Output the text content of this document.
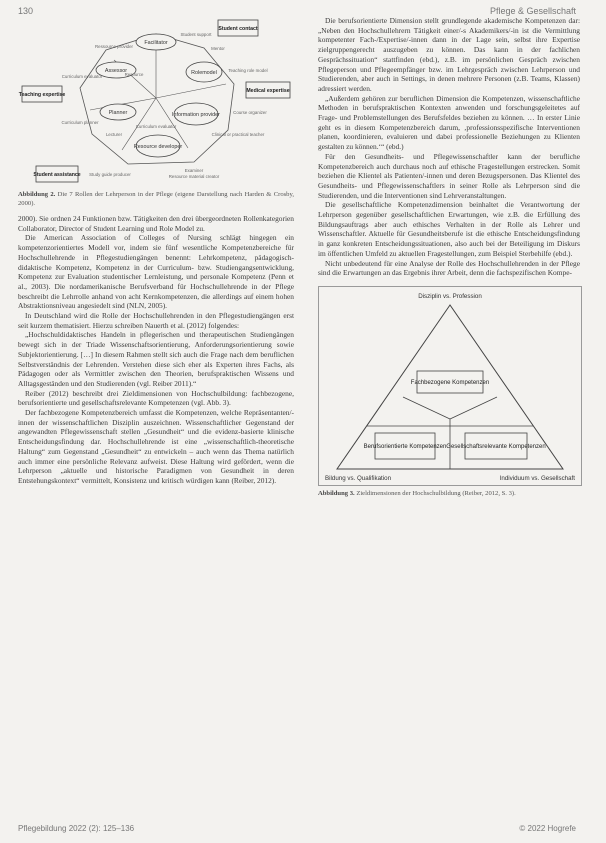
130	Pflege & Gesellschaft
Facilitator
Rolemodel
Planner	Information provider
Resource developer
Assessor
Student contact
Teaching expertise
Medical expertise
Student assistance
Resource
Student support
Ressource provider	Mentor
Teaching role model
Course organizer
Curriculum evaluator
Curriculum planner
Lecturer	Clinical or practical teacher
Curriculum evaluator
Study guide producer
Examiner
Resource material creator
Abbildung 2. Die 7 Rollen der Lehrperson in der Pflege (eigene Darstellung nach Harden & Crosby, 2000).

2000). Sie ordnen 24 Funktionen bzw. Tätigkeiten den drei übergeordneten Rollenkategorien Collaborator, Director of Student Learning und Role Model zu.

Die American Association of Colleges of Nursing schlägt hingegen ein kompetenzorientiertes Modell vor, indem sie fünf wesentliche Kompetenzbereiche für Hochschullehrende in Pflegestudiengängen benennt: Lehrkompetenz, pädagogisch-didaktische Kompetenz, Kompetenz in der Curriculum- bzw. Studiengangsentwicklung, Kompetenz zur Evaluation studentischer Lernleistung, und personale Kompetenz (Penn et al., 2003). Die nordamerikanische Berufsverband für Hochschullehrende in der Pflege beschreibt die Lehrrolle anhand von acht Kernkompetenzen, die allerdings auf einem hohen Abstraktionsniveau angesiedelt sind (NLN, 2005).

In Deutschland wird die Rolle der Hochschullehrenden in den Pflegestudiengängen erst seit kurzem thematisiert. Hierzu schreiben Nauerth et al. (2012) folgendes:

„Hochschuldidaktisches Handeln in pflegerischen und therapeutischen Studiengängen bewegt sich in der Triade Wissenschaftsorientierung, Anforderungsorientierung sowie Subjektorientierung. […] In diesem Rahmen stellt sich auch die Frage nach dem beruflichen Selbstverständnis der Lehrenden. Verstehen diese sich eher als Experten ihres Fachs, als Pädagogen oder als Vermittler zwischen den Theorien, berufspraktischen Wissens und Alltagsgeständen und den Studierenden (vgl. Reiber 2011).“

Reiber (2012) beschreibt drei Zieldimensionen von Hochschulbildung: fachbezogene, berufsorientierte und gesellschaftsrelevante Kompetenzen (vgl. Abb. 3).

Der fachbezogene Kompetenzbereich umfasst die Kompetenzen, welche Repräsentanten/-innen der wissenschaftlichen Disziplin auszeichnen. Wissenschaftlicher Gegenstand der angewandten Pflegewissenschaft stellen „Gesundheit“ und die evidenz-basierte klinische Entscheidungsfindung dar. Hochschullehrende ist eine „wissenschaftlich-theoretische Haltung“ zum Gegenstand „Gesundheit“ zu entwickeln – auch wenn das Thema natürlich auch immer eine persönliche Relevanz aufweist. Diese Haltung wird gefördert, wenn die Lehrperson „aktuelle und historische Paradigmen von Gesundheit in deren Entstehungskontext“ vermittelt, Konsistenz und kritisch würdigen kann (Reiber, 2012).

Die berufsorientierte Dimension stellt grundlegende akademische Kompetenzen dar: „Neben den Hochschullehrern Tätigkeit einer/-s Akademikers/-in ist die Vermittlung kompetenter Fach-/Expertise/-innen dann in der Lage sein, selbst ihre Expertise zielgruppengerecht auszugeben zu können. Das kann in der fachlichen Gesprächssituation“ stattfinden (ebd.), z.B. im persönlichen Gespräch zwischen Pflegeperson und Pflegeempfänger bzw. im Lehrgespräch zwischen Lehrperson und Studierenden, aber auch in Settings, in denen mehrere Personen (z.B. Teams, Klassen) adressiert werden.

„Außerdem gehören zur beruflichen Dimension die Kompetenzen, wissenschaftliche Methoden in berufspraktischen Kontexten anwenden und forschungsgeleitetes auf Frage- und Problemstellungen des Berufsfeldes beziehen zu können. … In erster Linie geht es in diesem Kompetenzbereich darum, ‚professionsspezifische Interventionen planen, koordinieren, evaluieren und dabei professionelle Beziehungen zu Klienten gestalten zu können.‘“ (ebd.)

Für den Gesundheits- und Pflegewissenschaftler kann der berufliche Kompetenzbereich auch durchaus noch auf ethische Fragestellungen erstrecken. Somit beziehen die Klientel als Patienten/-innen und deren Bezugspersonen. Das Klientel des Gesundheits- und Pflegewissenschaftlers in seiner Rolle als Lehrperson sind die Studierenden, und die Interventionen sind Lehrveranstaltungen.

Die gesellschaftliche Kompetenzdimension beinhaltet die Verantwortung der Lehrperson gegenüber gesellschaftlichen Erwartungen, wie z.B. die Erfüllung des Bildungsauftrags aber auch ethisches Verhalten in der Rolle als Lehrer und Wissenschaftler. Aktuelle für Gesundheitsberufe ist die ethische Entscheidungsfindung in ganz konkreten Entscheidungssituationen, also auch bei der Beteiligung im Diskurs im öffentlichen Umfeld zu aktuellen Fragestellungen, zum Beispiel Sterbehilfe (ebd.).

Nicht unbedeutend für eine Analyse der Rolle des Hochschullehrenden in der Pflege sind die Erwartungen an das Ergebnis ihrer Arbeit, denn die fachspezifischen Kompe-

Disziplin vs. Profession
Bildung vs. Qualifikation	Individuum vs. Gesellschaft
Fachbezogene Kompetenzen
Berufsorientierte Kompetenzen Gesellschaftsrelevante Kompetenzen
Abbildung 3. Zieldimensionen der Hochschulbildung (Reiber, 2012, S. 3).
Pflegebildung 2022 (2): 125–136	© 2022 Hogrefe
